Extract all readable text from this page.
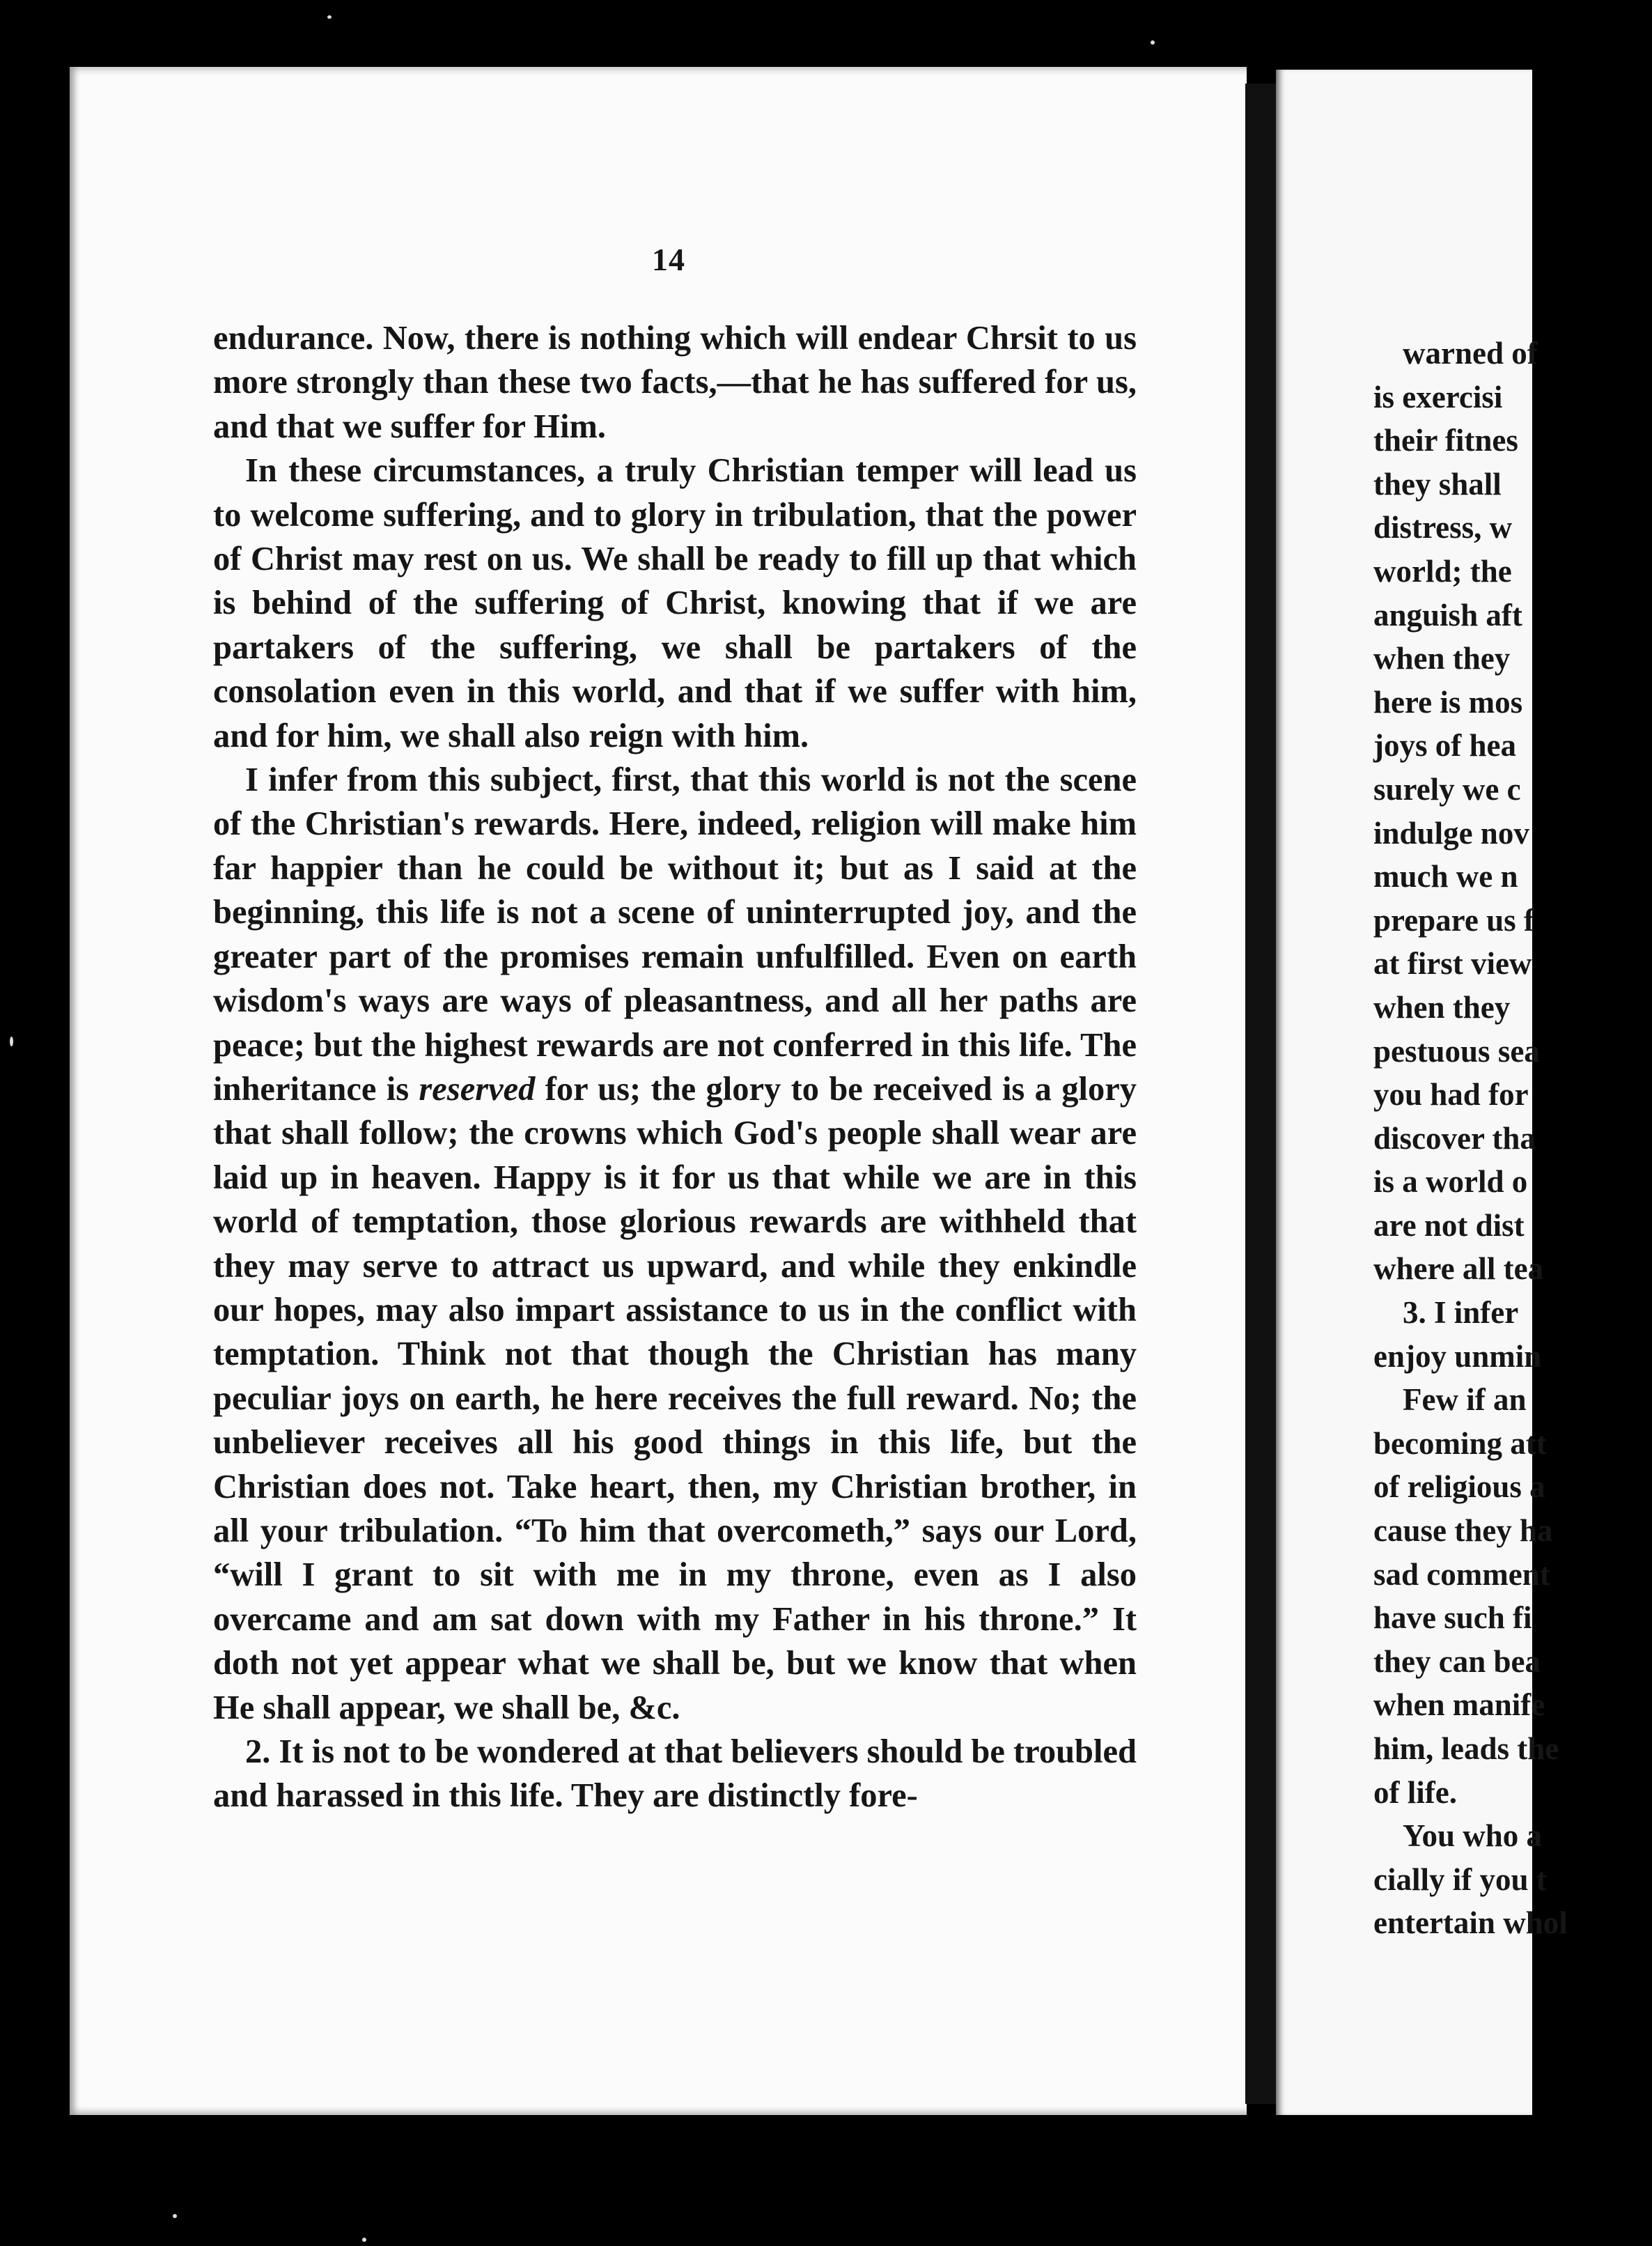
14

endurance. Now, there is nothing which will endear Chrsit to us more strongly than these two facts,—that he has suffered for us, and that we suffer for Him.

In these circumstances, a truly Christian temper will lead us to welcome suffering, and to glory in tribulation, that the power of Christ may rest on us. We shall be ready to fill up that which is behind of the suffering of Christ, knowing that if we are partakers of the suffering, we shall be partakers of the consolation even in this world, and that if we suffer with him, and for him, we shall also reign with him.

I infer from this subject, first, that this world is not the scene of the Christian's rewards. Here, indeed, religion will make him far happier than he could be without it; but as I said at the beginning, this life is not a scene of uninterrupted joy, and the greater part of the promises remain unfulfilled. Even on earth wisdom's ways are ways of pleasantness, and all her paths are peace; but the highest rewards are not conferred in this life. The inheritance is reserved for us; the glory to be received is a glory that shall follow; the crowns which God's people shall wear are laid up in heaven. Happy is it for us that while we are in this world of temptation, those glorious rewards are withheld that they may serve to attract us upward, and while they enkindle our hopes, may also impart assistance to us in the conflict with temptation. Think not that though the Christian has many peculiar joys on earth, he here receives the full reward. No; the unbeliever receives all his good things in this life, but the Christian does not. Take heart, then, my Christian brother, in all your tribulation. “To him that overcometh,” says our Lord, “will I grant to sit with me in my throne, even as I also overcame and am sat down with my Father in his throne.” It doth not yet appear what we shall be, but we know that when He shall appear, we shall be, &c.

2. It is not to be wondered at that believers should be troubled and harassed in this life. They are distinctly fore-

warned of
is exercisi
their fitnes
they shall
distress, w
world; the
anguish aft
when they
here is mos
joys of hea
surely we c
indulge nov
much we n
prepare us f
at first view
when they
pestuous sea
you had for
discover tha
is a world o
are not dist
where all tea
3. I infer
enjoy unmin
Few if an
becoming att
of religious a
cause they ha
sad comment
have such fi
they can bea
when manife
him, leads the
of life.
You who a
cially if you t
entertain whol
